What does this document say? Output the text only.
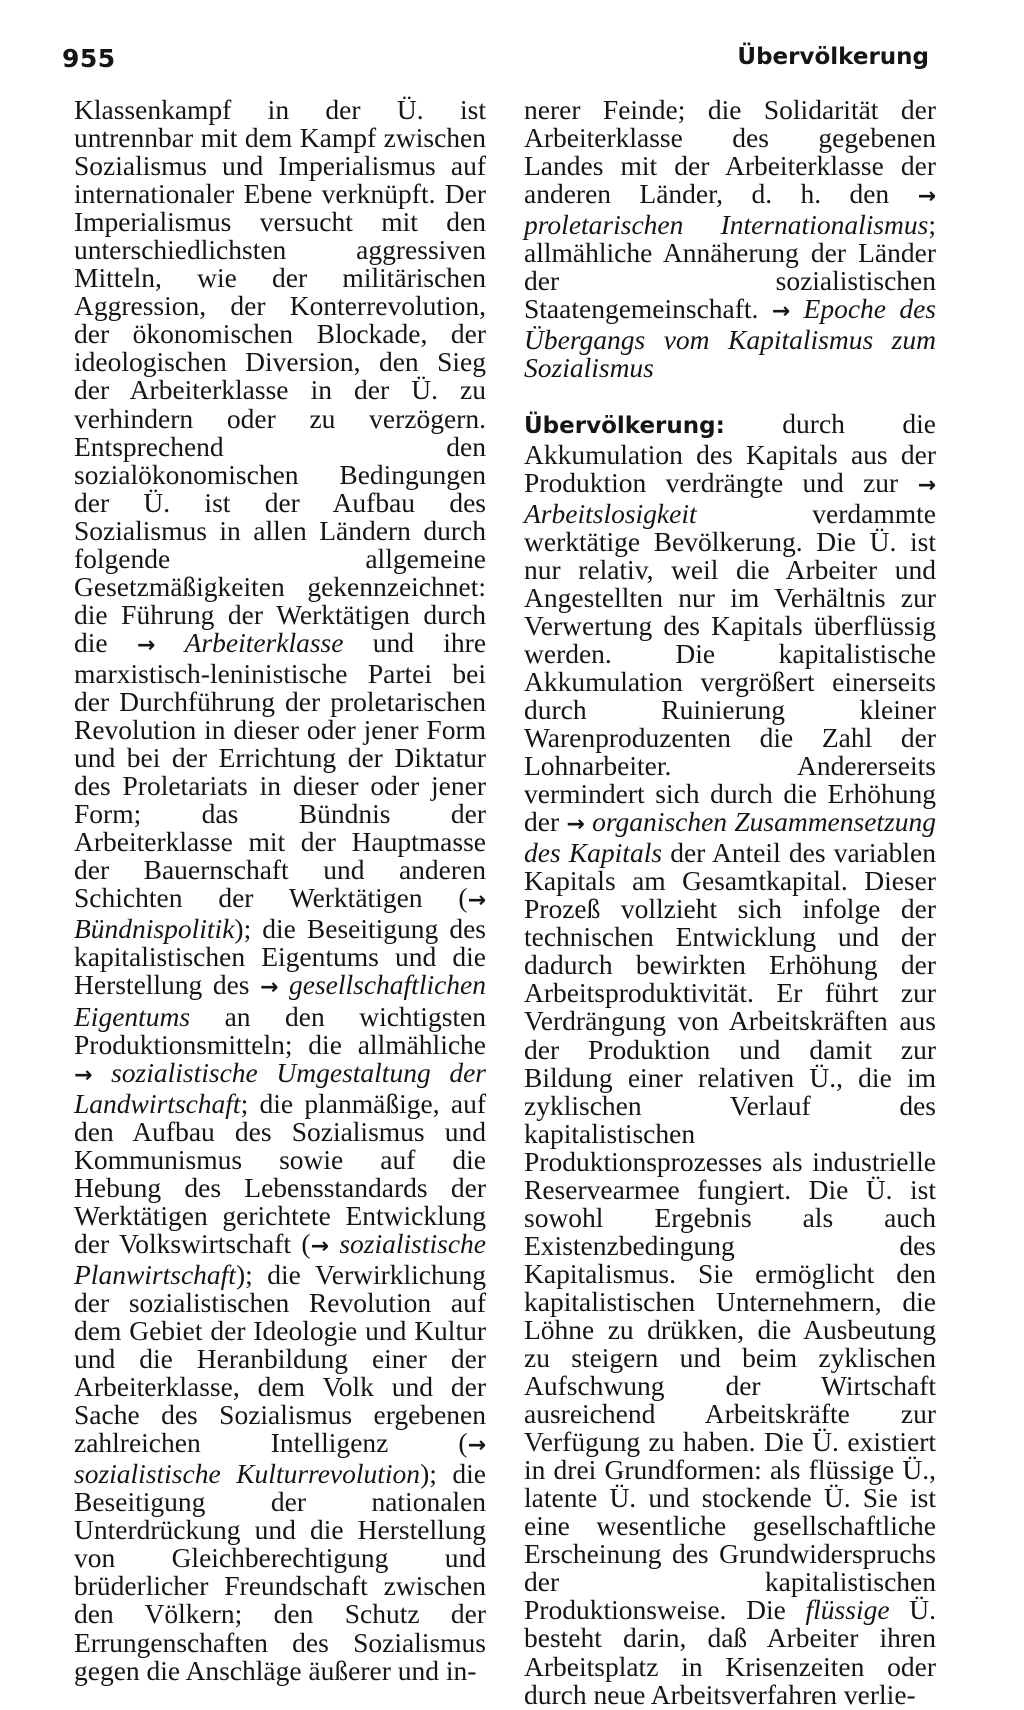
955	Übervölkerung

Klassenkampf in der Ü. ist untrennbar mit dem Kampf zwischen Sozialismus und Imperialismus auf internationaler Ebene verknüpft. Der Imperialismus versucht mit den unterschiedlichsten aggressiven Mitteln, wie der militärischen Aggression, der Konterrevolution, der ökonomischen Blockade, der ideologischen Diversion, den Sieg der Arbeiterklasse in der Ü. zu verhindern oder zu verzögern. Entsprechend den sozialökonomischen Bedingungen der Ü. ist der Aufbau des Sozialismus in allen Ländern durch folgende allgemeine Gesetzmäßigkeiten gekennzeichnet: die Führung der Werktätigen durch die → Arbeiterklasse und ihre marxistisch-leninistische Partei bei der Durchführung der proletarischen Revolution in dieser oder jener Form und bei der Errichtung der Diktatur des Proletariats in dieser oder jener Form; das Bündnis der Arbeiterklasse mit der Hauptmasse der Bauernschaft und anderen Schichten der Werktätigen (→ Bündnispolitik); die Beseitigung des kapitalistischen Eigentums und die Herstellung des → gesellschaftlichen Eigentums an den wichtigsten Produktionsmitteln; die allmähliche → sozialistische Umgestaltung der Landwirtschaft; die planmäßige, auf den Aufbau des Sozialismus und Kommunismus sowie auf die Hebung des Lebensstandards der Werktätigen gerichtete Entwicklung der Volkswirtschaft (→ sozialistische Planwirtschaft); die Verwirklichung der sozialistischen Revolution auf dem Gebiet der Ideologie und Kultur und die Heranbildung einer der Arbeiterklasse, dem Volk und der Sache des Sozialismus ergebenen zahlreichen Intelligenz (→ sozialistische Kulturrevolution); die Beseitigung der nationalen Unterdrückung und die Herstellung von Gleichberechtigung und brüderlicher Freundschaft zwischen den Völkern; den Schutz der Errungenschaften des Sozialismus gegen die Anschläge äußerer und in-

nerer Feinde; die Solidarität der Arbeiterklasse des gegebenen Landes mit der Arbeiterklasse der anderen Länder, d. h. den → proletarischen Internationalismus; allmähliche Annäherung der Länder der sozialistischen Staatengemeinschaft. → Epoche des Übergangs vom Kapitalismus zum Sozialismus

Übervölkerung: durch die Akkumulation des Kapitals aus der Produktion verdrängte und zur → Arbeitslosigkeit	verdammte werktätige Bevölkerung. Die Ü. ist nur relativ, weil die Arbeiter und Angestellten nur im Verhältnis zur Verwertung des Kapitals überflüssig werden. Die kapitalistische Akkumulation vergrößert einerseits durch Ruinierung kleiner Warenproduzenten die Zahl der Lohnarbeiter. Andererseits vermindert sich durch die Erhöhung der → organischen Zusammensetzung des Kapitals der Anteil des variablen Kapitals am Gesamtkapital. Dieser Prozeß vollzieht sich infolge der technischen Entwicklung und der dadurch bewirkten Erhöhung der Arbeitsproduktivität. Er führt zur Verdrängung von Arbeitskräften aus der Produktion und damit zur Bildung einer relativen Ü., die im zyklischen Verlauf des kapitalistischen Produktionsprozesses als industrielle Reservearmee fungiert. Die Ü. ist sowohl Ergebnis als auch Existenzbedingung des Kapitalismus. Sie ermöglicht den kapitalistischen Unternehmern, die Löhne zu drükken, die Ausbeutung zu steigern und beim zyklischen Aufschwung der Wirtschaft ausreichend Arbeitskräfte zur Verfügung zu haben. Die Ü. existiert in drei Grundformen: als flüssige Ü., latente Ü. und stockende Ü. Sie ist eine wesentliche gesellschaftliche Erscheinung des Grundwiderspruchs der kapitalistischen Produktionsweise. Die flüssige Ü. besteht darin, daß Arbeiter ihren Arbeitsplatz in Krisenzeiten oder durch neue Arbeitsverfahren verlie-
